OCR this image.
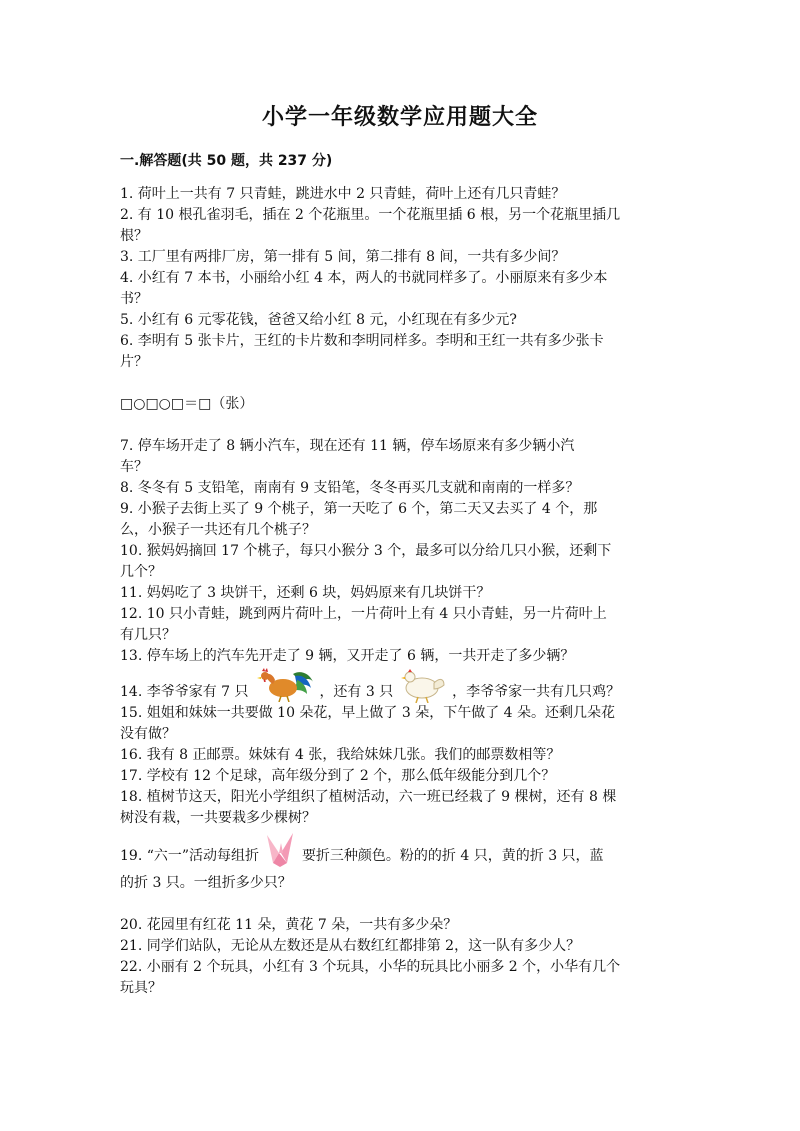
小学一年级数学应用题大全
一.解答题(共 50 题，共 237 分)

1. 荷叶上一共有 7 只青蛙，跳进水中 2 只青蛙，荷叶上还有几只青蛙？

2. 有 10 根孔雀羽毛，插在 2 个花瓶里。一个花瓶里插 6 根，另一个花瓶里插几

根？

3. 工厂里有两排厂房，第一排有 5 间，第二排有 8 间，一共有多少间？

4. 小红有 7 本书，小丽给小红 4 本，两人的书就同样多了。小丽原来有多少本

书？

5. 小红有 6 元零花钱，爸爸又给小红 8 元，小红现在有多少元?

6. 李明有 5 张卡片，王红的卡片数和李明同样多。李明和王红一共有多少张卡

片？

□○□○□＝□（张）

7. 停车场开走了 8 辆小汽车，现在还有 11 辆，停车场原来有多少辆小汽

车？

8. 冬冬有 5 支铅笔，南南有 9 支铅笔，冬冬再买几支就和南南的一样多？

9. 小猴子去街上买了 9 个桃子，第一天吃了 6 个，第二天又去买了 4 个，那

么，小猴子一共还有几个桃子？

10. 猴妈妈摘回 17 个桃子，每只小猴分 3 个，最多可以分给几只小猴，还剩下

几个？

11. 妈妈吃了 3 块饼干，还剩 6 块，妈妈原来有几块饼干？

12. 10 只小青蛙，跳到两片荷叶上，一片荷叶上有 4 只小青蛙，另一片荷叶上

有几只？

13. 停车场上的汽车先开走了 9 辆，又开走了 6 辆，一共开走了多少辆？

14. 李爷爷家有 7 只	，还有 3 只	，李爷爷家一共有几只鸡？

15. 姐姐和妹妹一共要做 10 朵花，早上做了 3 朵，下午做了 4 朵。还剩几朵花

没有做？

16. 我有 8 正邮票。妹妹有 4 张，我给妹妹几张。我们的邮票数相等？

17. 学校有 12 个足球，高年级分到了 2 个，那么低年级能分到几个？

18. 植树节这天，阳光小学组织了植树活动，六一班已经栽了 9 棵树，还有 8 棵

树没有栽，一共要栽多少棵树？

19. “六一”活动每组折	要折三种颜色。粉的的折 4 只，黄的折 3 只，蓝

的折 3 只。一组折多少只？

20. 花园里有红花 11 朵，黄花 7 朵，一共有多少朵？

21. 同学们站队，无论从左数还是从右数红红都排第 2，这一队有多少人？

22. 小丽有 2 个玩具，小红有 3 个玩具，小华的玩具比小丽多 2 个，小华有几个

玩具？
